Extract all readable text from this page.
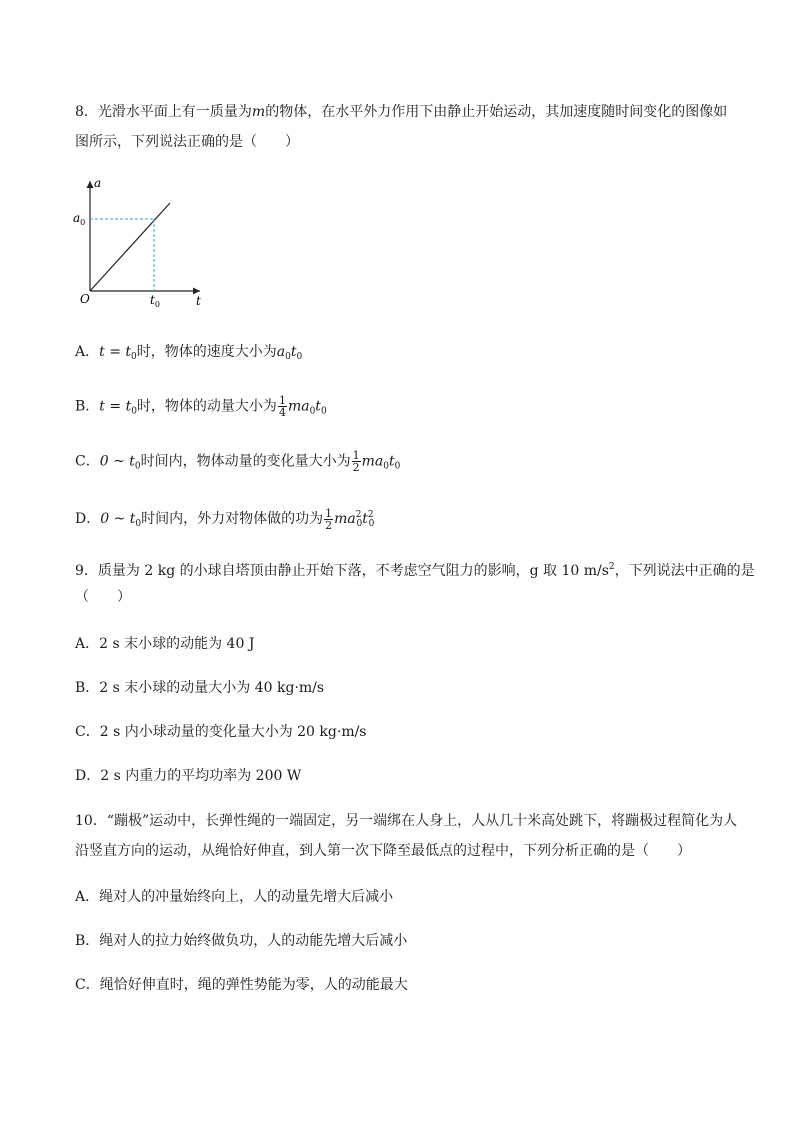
8．光滑水平面上有一质量为m的物体，在水平外力作用下由静止开始运动，其加速度随时间变化的图像如
图所示，下列说法正确的是（　　）
a
t
O
$a_0$
$t_0$
A．$t = t_0$时，物体的速度大小为$a_0t_0$
B．$t = t_0$时，物体的动量大小为 $\frac{1}{4} ma_0t_0$
C．0 ~ $t_0$时间内，物体动量的变化量大小为 $\frac{1}{2} ma_0t_0$
D．0 ~ $t_0$时间内，外力对物体做的功为 $\frac{1}{2} ma^2_0t^2_0$
9．质量为 2 kg 的小球自塔顶由静止开始下落，不考虑空气阻力的影响，g 取 10 $m/s^2$，下列说法中正确的是
（　　）
A．2 s 末小球的动能为 40 J
B．2 s 末小球的动量大小为 40 kg·m/s
C．2 s 内小球动量的变化量大小为 20 kg·m/s
D．2 s 内重力的平均功率为 200 W
10．“蹦极”运动中，长弹性绳的一端固定，另一端绑在人身上，人从几十米高处跳下，将蹦极过程简化为人
沿竖直方向的运动，从绳恰好伸直，到人第一次下降至最低点的过程中，下列分析正确的是（　　）
A．绳对人的冲量始终向上，人的动量先增大后减小
B．绳对人的拉力始终做负功，人的动能先增大后减小
C．绳恰好伸直时，绳的弹性势能为零，人的动能最大
